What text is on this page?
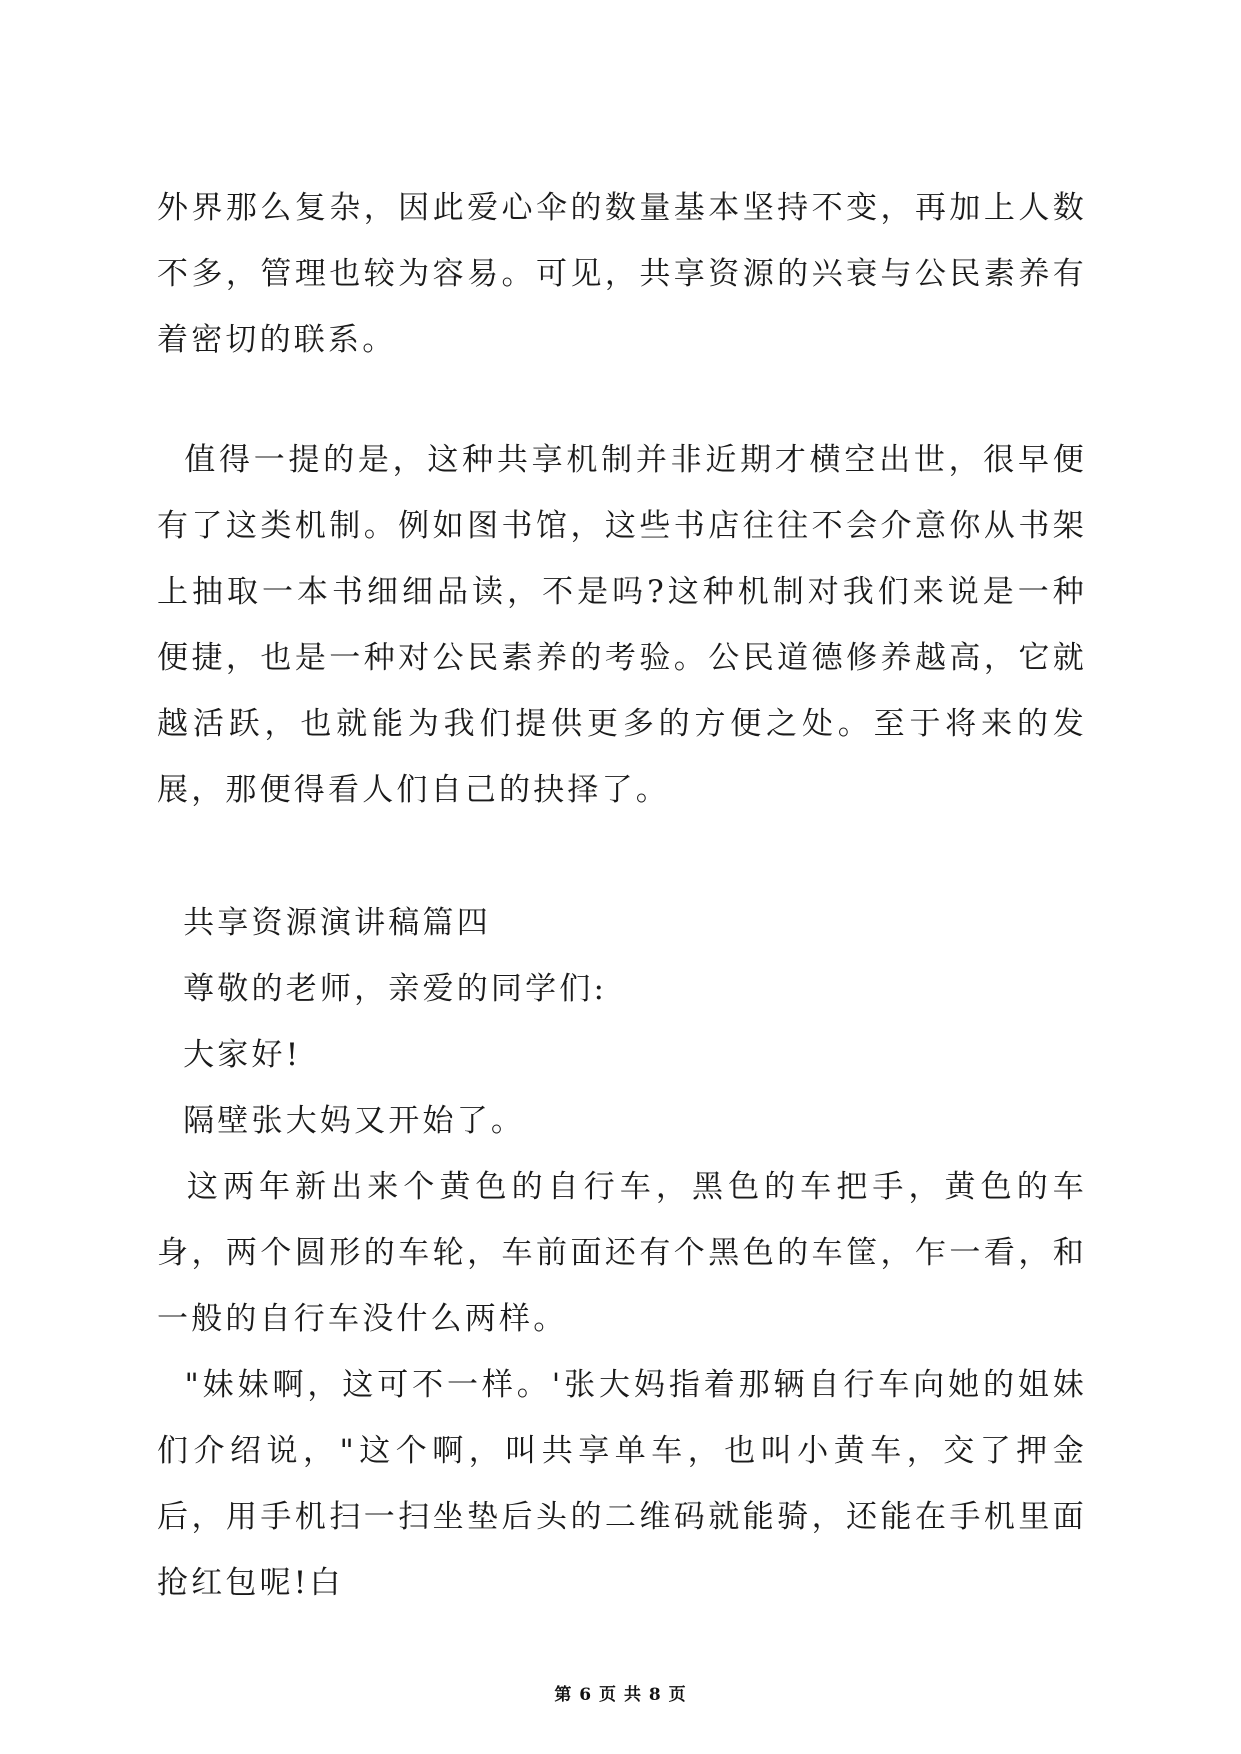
外界那么复杂，因此爱心伞的数量基本坚持不变，再加上人数不多，管理也较为容易。可见，共享资源的兴衰与公民素养有着密切的联系。

值得一提的是，这种共享机制并非近期才横空出世，很早便有了这类机制。例如图书馆，这些书店往往不会介意你从书架上抽取一本书细细品读，不是吗?这种机制对我们来说是一种便捷，也是一种对公民素养的考验。公民道德修养越高，它就越活跃，也就能为我们提供更多的方便之处。至于将来的发展，那便得看人们自己的抉择了。

共享资源演讲稿篇四

尊敬的老师，亲爱的同学们:

大家好!

隔壁张大妈又开始了。

这两年新出来个黄色的自行车，黑色的车把手，黄色的车身，两个圆形的车轮，车前面还有个黑色的车筐，乍一看，和一般的自行车没什么两样。

"妹妹啊，这可不一样。'张大妈指着那辆自行车向她的姐妹们介绍说，"这个啊，叫共享单车，也叫小黄车，交了押金后，用手机扫一扫坐垫后头的二维码就能骑，还能在手机里面抢红包呢!白

第 6 页 共 8 页
